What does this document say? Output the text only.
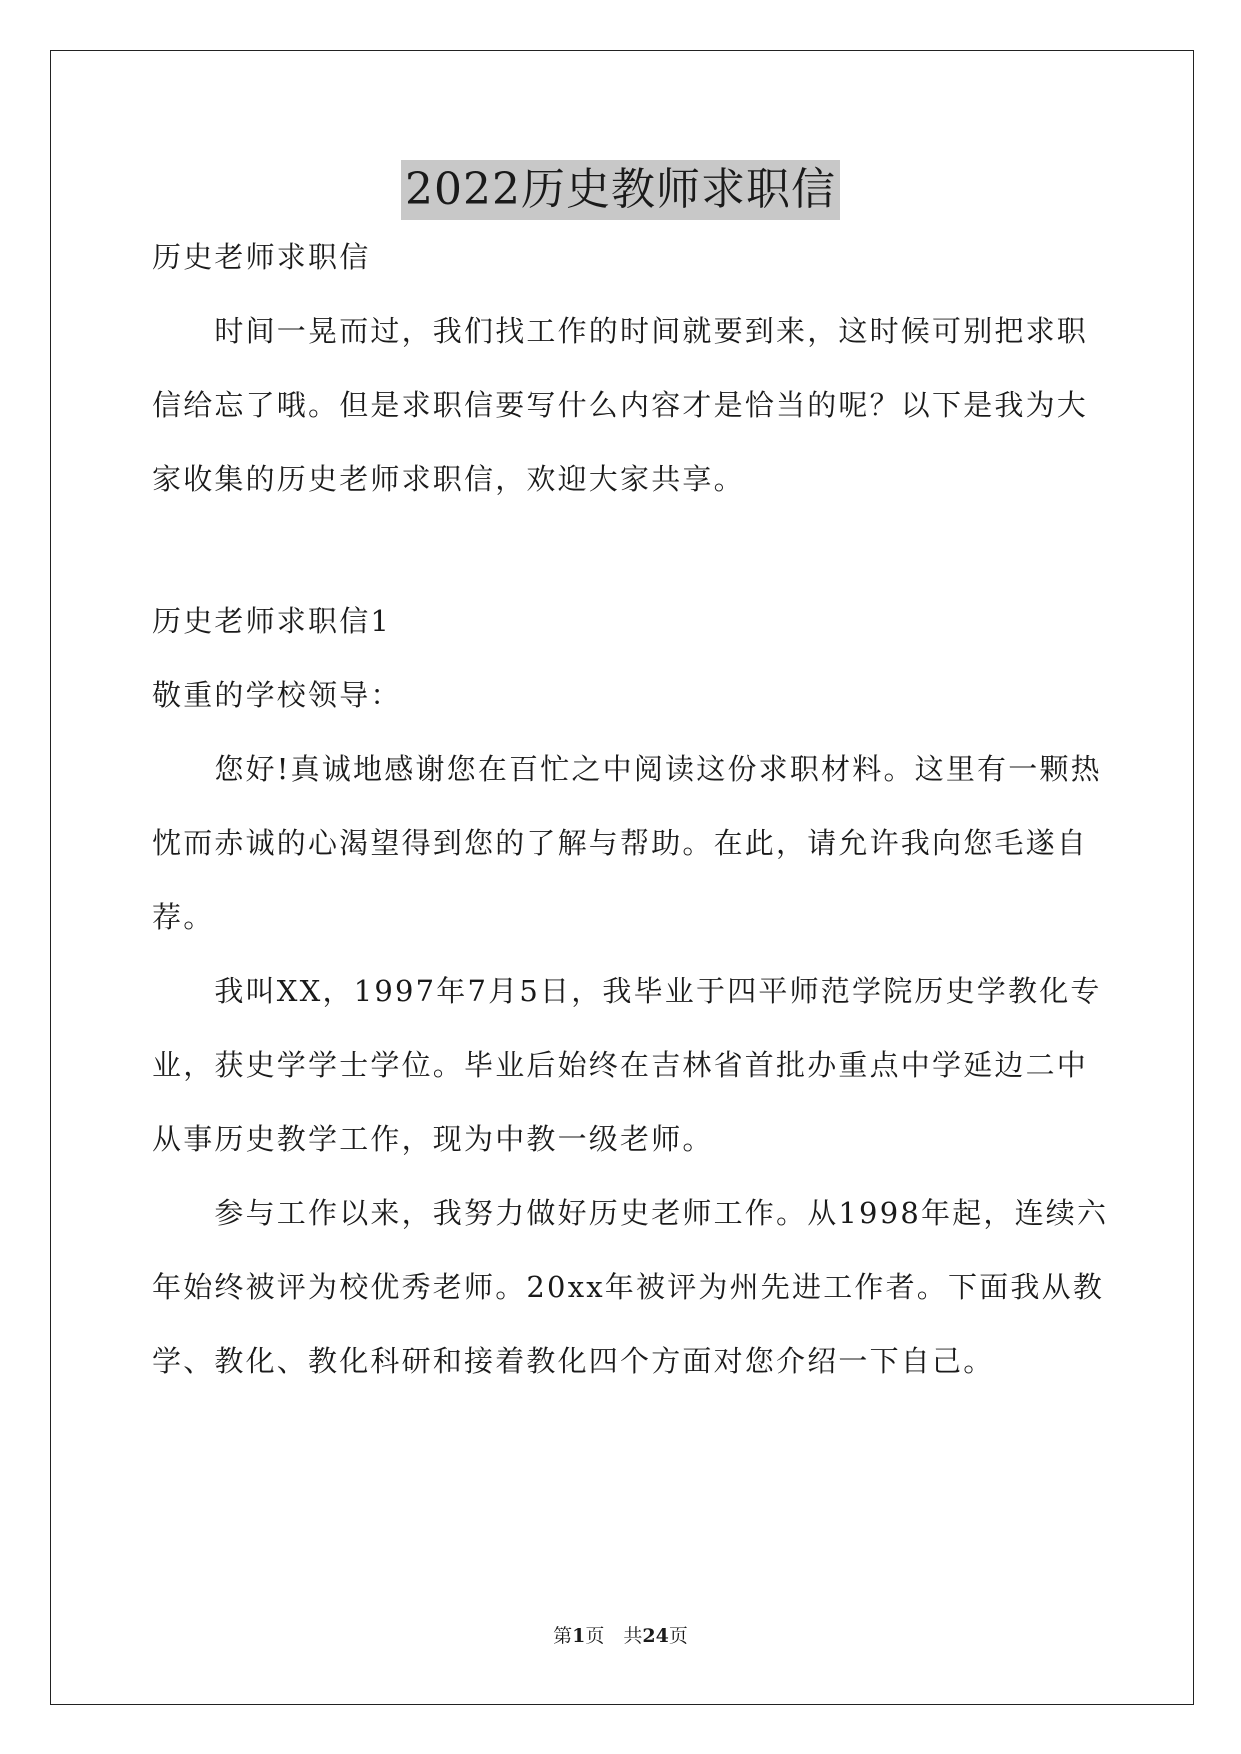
2022历史教师求职信
历史老师求职信
　　时间一晃而过，我们找工作的时间就要到来，这时候可别把求职
信给忘了哦。但是求职信要写什么内容才是恰当的呢？以下是我为大
家收集的历史老师求职信，欢迎大家共享。
历史老师求职信1
敬重的学校领导：
　　您好!真诚地感谢您在百忙之中阅读这份求职材料。这里有一颗热
忱而赤诚的心渴望得到您的了解与帮助。在此，请允许我向您毛遂自
荐。
　　我叫XX，1997年7月5日，我毕业于四平师范学院历史学教化专
业，获史学学士学位。毕业后始终在吉林省首批办重点中学延边二中
从事历史教学工作，现为中教一级老师。
　　参与工作以来，我努力做好历史老师工作。从1998年起，连续六
年始终被评为校优秀老师。20xx年被评为州先进工作者。下面我从教
学、教化、教化科研和接着教化四个方面对您介绍一下自己。
第1页　共24页
